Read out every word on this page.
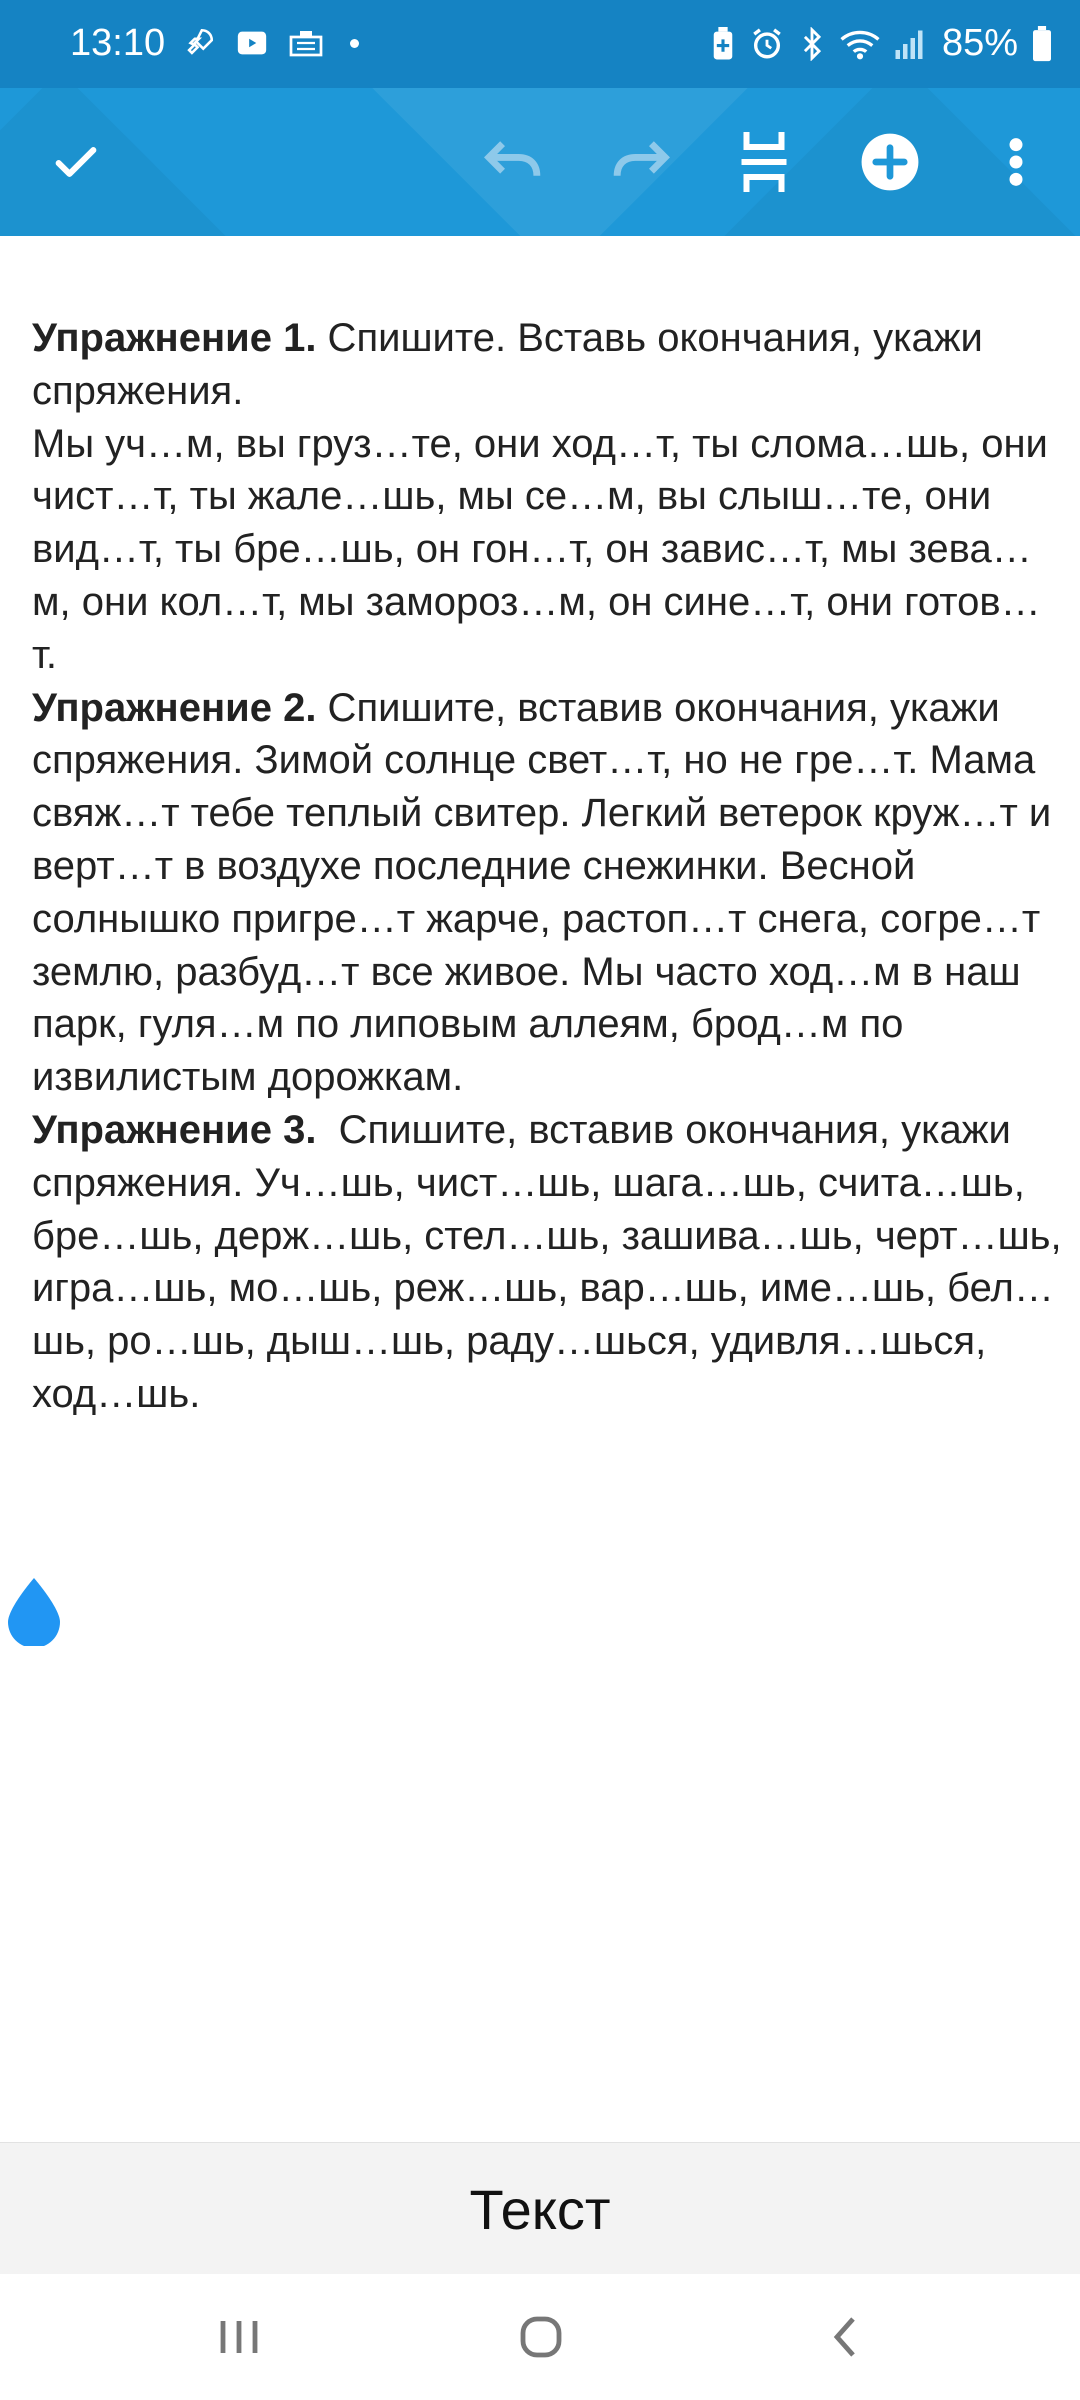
13:10	85%

Упражнение 1. Спишите. Вставь окончания, укажи спряжения.

Мы уч…м, вы груз…те, они ход…т, ты слома…шь, они чист…т, ты жале…шь, мы се…м, вы слыш…те, они вид…т, ты бре…шь, он гон…т, он завис…т, мы зева…м, они кол…т, мы замороз…м, он сине…т, они готов…т.

Упражнение 2. Спишите, вставив окончания, укажи спряжения. Зимой солнце свет…т, но не гре…т. Мама свяж…т тебе теплый свитер. Легкий ветерок круж…т и верт…т в воздухе последние снежинки. Весной солнышко пригре…т жарче, растоп…т снега, согре…т землю, разбуд…т все живое. Мы часто ход…м в наш парк, гуля…м по липовым аллеям, брод…м по извилистым дорожкам.

Упражнение 3.  Спишите, вставив окончания, укажи спряжения. Уч…шь, чист…шь, шага…шь, счита…шь, бре…шь, держ…шь, стел…шь, зашива…шь, черт…шь, игра…шь, мо…шь, реж…шь, вар…шь, име…шь, бел…шь, ро…шь, дыш…шь, раду…шься, удивля…шься, ход…шь.

Текст
